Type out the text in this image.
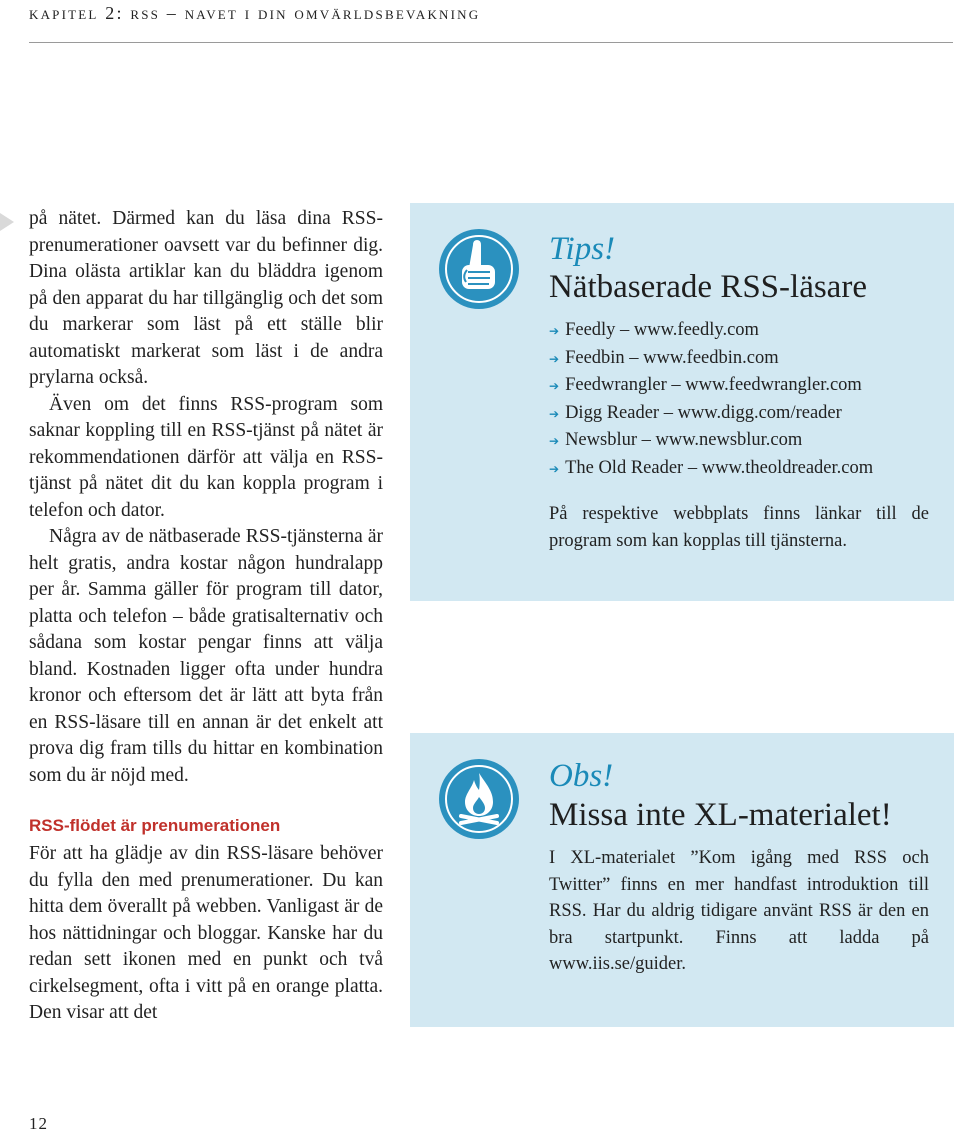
kapitel 2: rss – navet i din omvärldsbevakning

på nätet. Därmed kan du läsa dina RSS-prenumerationer oavsett var du befinner dig. Dina olästa artiklar kan du bläddra igenom på den apparat du har tillgänglig och det som du markerar som läst på ett ställe blir automatiskt markerat som läst i de andra prylarna också.

Även om det finns RSS-program som saknar koppling till en RSS-tjänst på nätet är rekommendationen därför att välja en RSS-tjänst på nätet dit du kan koppla program i telefon och dator.

Några av de nätbaserade RSS-tjänsterna är helt gratis, andra kostar någon hundralapp per år. Samma gäller för program till dator, platta och telefon – både gratisalternativ och sådana som kostar pengar finns att välja bland. Kostnaden ligger ofta under hundra kronor och eftersom det är lätt att byta från en RSS-läsare till en annan är det enkelt att prova dig fram tills du hittar en kombination som du är nöjd med.

RSS-flödet är prenumerationen

För att ha glädje av din RSS-läsare behöver du fylla den med prenumerationer. Du kan hitta dem överallt på webben. Vanligast är de hos nättidningar och bloggar. Kanske har du redan sett ikonen med en punkt och två cirkelsegment, ofta i vitt på en orange platta. Den visar att det

Tips!
Nätbaserade RSS-läsare
➔ Feedly – www.feedly.com
➔ Feedbin – www.feedbin.com
➔ Feedwrangler – www.feedwrangler.com
➔ Digg Reader – www.digg.com/reader
➔ Newsblur – www.newsblur.com
➔ The Old Reader – www.theoldreader.com

På respektive webbplats finns länkar till de program som kan kopplas till tjänsterna.

Obs!
Missa inte XL-materialet!

I XL-materialet ”Kom igång med RSS och Twitter” finns en mer handfast introduktion till RSS. Har du aldrig tidigare använt RSS är den en bra startpunkt. Finns att ladda på www.iis.se/guider.

12
